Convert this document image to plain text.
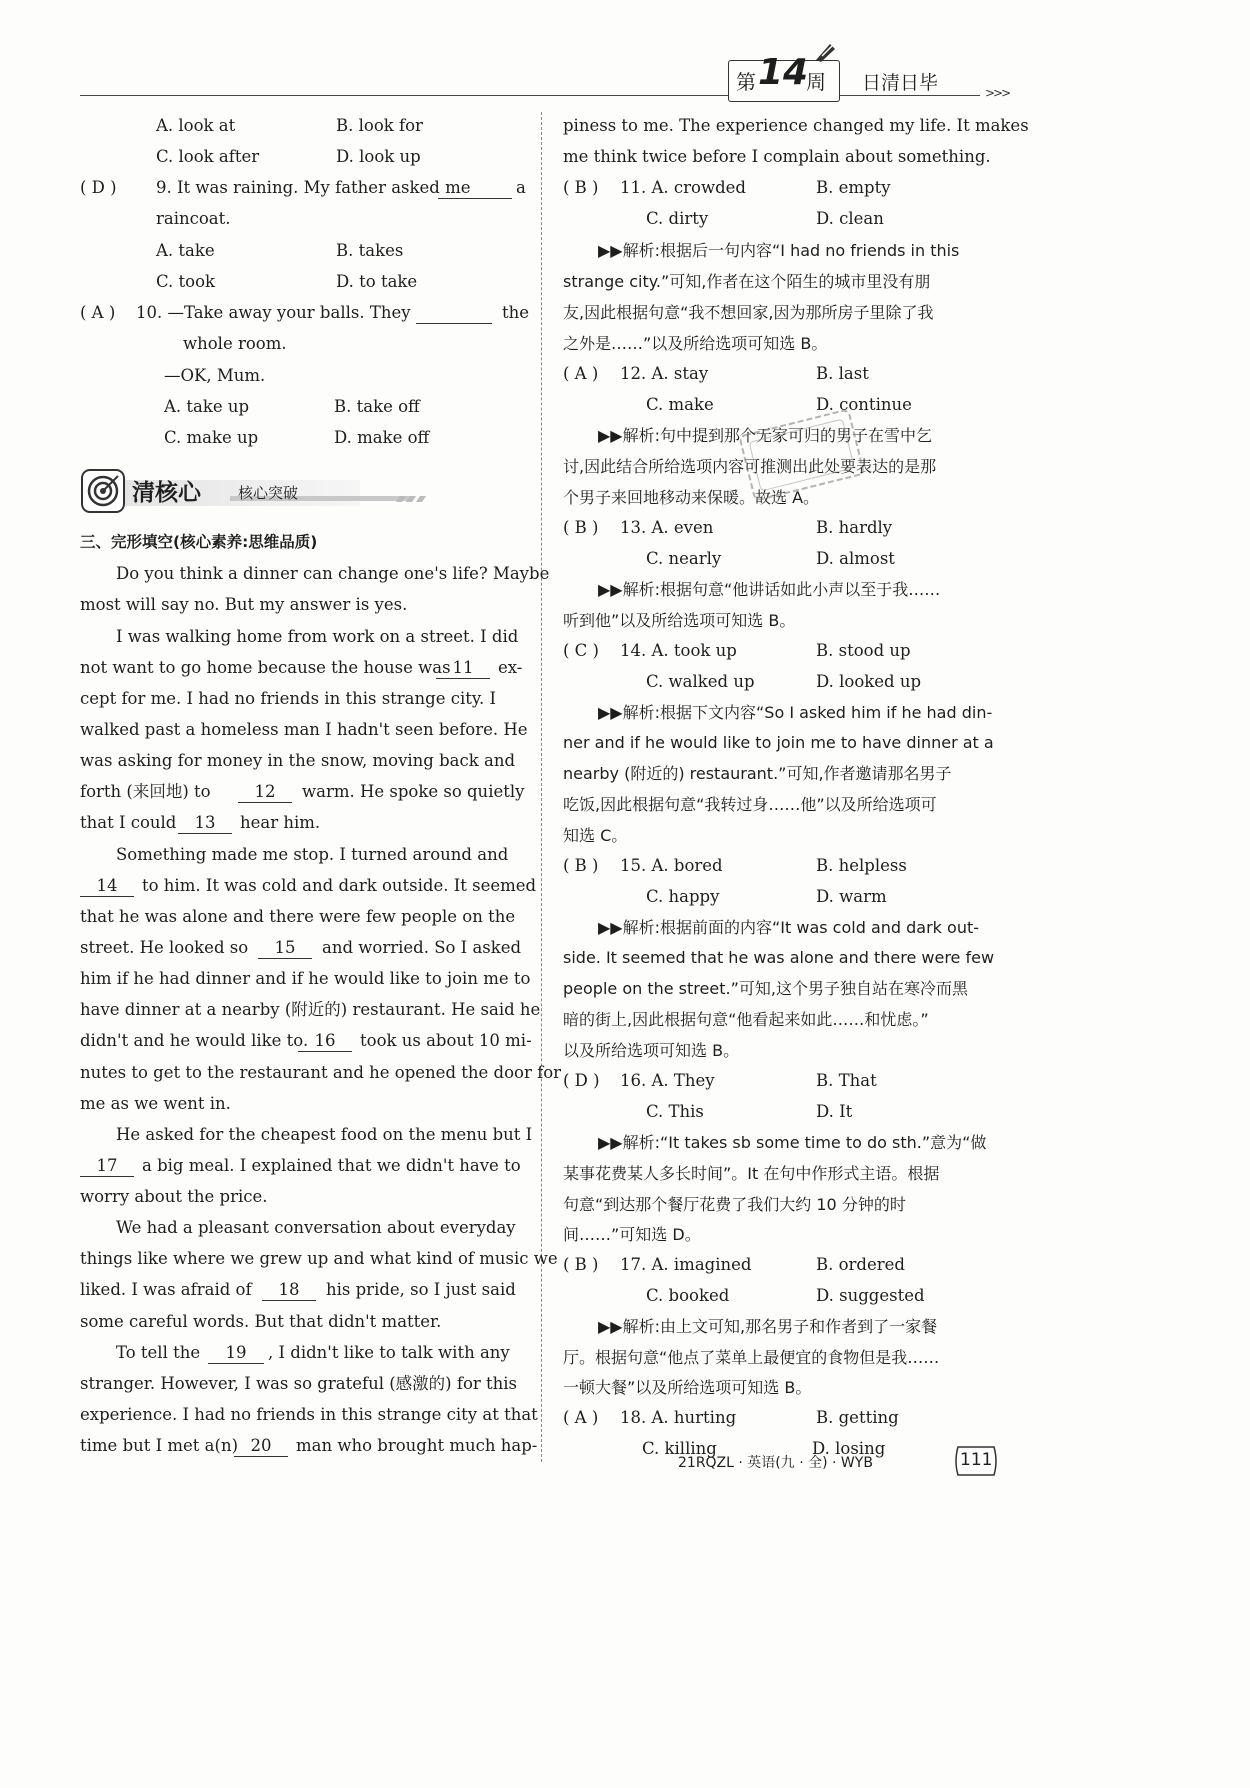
第 14
周 日清日毕	>>>
A. look at	B. look for
C. look after	D. look up
( D ) 9. It was raining. My father asked me	a
raincoat.
A. take	B. takes
C. took	D. to take
( A ) 10. —Take away your balls. They	the
whole room.
—OK, Mum.
A. take up	B. take off
C. make up	D. make off
清核心 核心突破
三、完形填空(核心素养:思维品质)
Do you think a dinner can change one's life? Maybe
most will say no. But my answer is yes.
I was walking home from work on a street. I did
not want to go home because the house was 11	ex-
cept for me. I had no friends in this strange city. I
walked past a homeless man I hadn't seen before. He
was asking for money in the snow, moving back and
forth (来回地) to	12	warm. He spoke so quietly
that I could	13	hear him.
Something made me stop. I turned around and
14	to him. It was cold and dark outside. It seemed
that he was alone and there were few people on the
street. He looked so	15	and worried. So I asked
him if he had dinner and if he would like to join me to
have dinner at a nearby (附近的) restaurant. He said he
didn't and he would like to. 16	took us about 10 mi-
nutes to get to the restaurant and he opened the door for
me as we went in.
He asked for the cheapest food on the menu but I
17	a big meal. I explained that we didn't have to
worry about the price.
We had a pleasant conversation about everyday
things like where we grew up and what kind of music we
liked. I was afraid of	18	his pride, so I just said
some careful words. But that didn't matter.
To tell the	19	, I didn't like to talk with any
stranger. However, I was so grateful (感激的) for this
experience. I had no friends in this strange city at that
time but I met a(n) 20	man who brought much hap-
piness to me. The experience changed my life. It makes
me think twice before I complain about something.
( B ) 11. A. crowded	B. empty
C. dirty	D. clean
▶▶解析:根据后一句内容“I had no friends in this
strange city.”可知,作者在这个陌生的城市里没有朋
友,因此根据句意“我不想回家,因为那所房子里除了我
之外是……”以及所给选项可知选 B。
( A ) 12. A. stay	B. last
C. make	D. continue
▶▶解析:句中提到那个无家可归的男子在雪中乞
讨,因此结合所给选项内容可推测出此处要表达的是那
个男子来回地移动来保暖。故选 A。
( B ) 13. A. even	B. hardly
C. nearly	D. almost
▶▶解析:根据句意“他讲话如此小声以至于我……
听到他”以及所给选项可知选 B。
( C ) 14. A. took up	B. stood up
C. walked up	D. looked up
▶▶解析:根据下文内容“So I asked him if he had din-
ner and if he would like to join me to have dinner at a
nearby (附近的) restaurant.”可知,作者邀请那名男子
吃饭,因此根据句意“我转过身……他”以及所给选项可
知选 C。
( B ) 15. A. bored	B. helpless
C. happy	D. warm
▶▶解析:根据前面的内容“It was cold and dark out-
side. It seemed that he was alone and there were few
people on the street.”可知,这个男子独自站在寒冷而黑
暗的街上,因此根据句意“他看起来如此……和忧虑。”
以及所给选项可知选 B。
( D ) 16. A. They	B. That
C. This	D. It
▶▶解析:“It takes sb some time to do sth.”意为“做
某事花费某人多长时间”。It 在句中作形式主语。根据
句意“到达那个餐厅花费了我们大约 10 分钟的时
间……”可知选 D。
( B ) 17. A. imagined	B. ordered
C. booked	D. suggested
▶▶解析:由上文可知,那名男子和作者到了一家餐
厅。根据句意“他点了菜单上最便宜的食物但是我……
一顿大餐”以及所给选项可知选 B。
( A ) 18. A. hurting	B. getting
C. killing	D. losing
21RQZL · 英语(九 · 全) · WYB	111
